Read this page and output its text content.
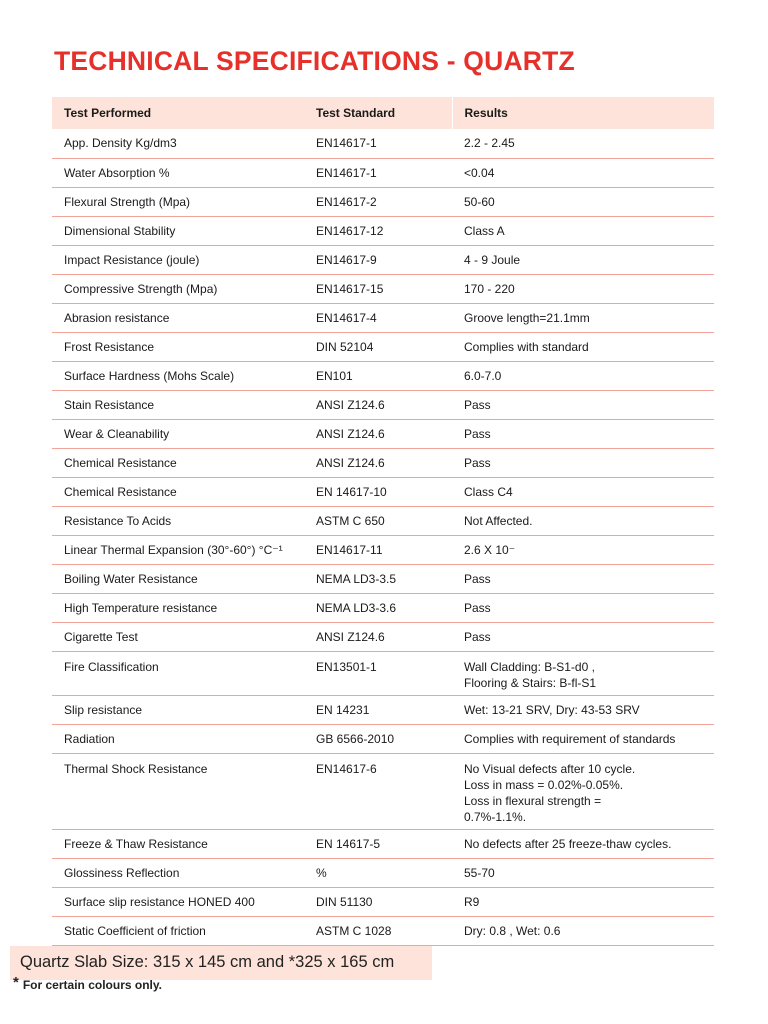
TECHNICAL SPECIFICATIONS - QUARTZ
Test Performed	Test Standard	Results
App. Density Kg/dm3	EN14617-1	2.2 - 2.45
Water Absorption %	EN14617-1	<0.04
Flexural Strength (Mpa)	EN14617-2	50-60
Dimensional Stability	EN14617-12	Class A
Impact Resistance (joule)	EN14617-9	4 - 9 Joule
Compressive Strength (Mpa)	EN14617-15	170 - 220
Abrasion resistance	EN14617-4	Groove length=21.1mm
Frost Resistance	DIN 52104	Complies with standard
Surface Hardness (Mohs Scale)	EN101	6.0-7.0
Stain Resistance	ANSI Z124.6	Pass
Wear & Cleanability	ANSI Z124.6	Pass
Chemical Resistance	ANSI Z124.6	Pass
Chemical Resistance	EN 14617-10	Class C4
Resistance To Acids	ASTM C 650	Not Affected.
Linear Thermal Expansion (30°-60°) °C⁻¹	EN14617-11	2.6 X 10⁻
Boiling Water Resistance	NEMA LD3-3.5	Pass
High Temperature resistance	NEMA LD3-3.6	Pass
Cigarette Test	ANSI Z124.6	Pass
Fire Classification	EN13501-1	Wall Cladding: B-S1-d0 ,
Flooring & Stairs: B-fl-S1
Slip resistance	EN 14231	Wet: 13-21 SRV, Dry: 43-53 SRV
Radiation	GB 6566-2010	Complies with requirement of standards
Thermal Shock Resistance	EN14617-6	No Visual defects after 10 cycle.
Loss in mass = 0.02%-0.05%.
Loss in flexural strength =
0.7%-1.1%.
Freeze & Thaw Resistance	EN 14617-5	No defects after 25 freeze-thaw cycles.
Glossiness Reflection	%	55-70
Surface slip resistance HONED 400	DIN 51130	R9
Static Coefficient of friction	ASTM C 1028	Dry: 0.8 , Wet: 0.6
Quartz Slab Size: 315 x 145 cm and *325 x 165 cm
* For certain colours only.
